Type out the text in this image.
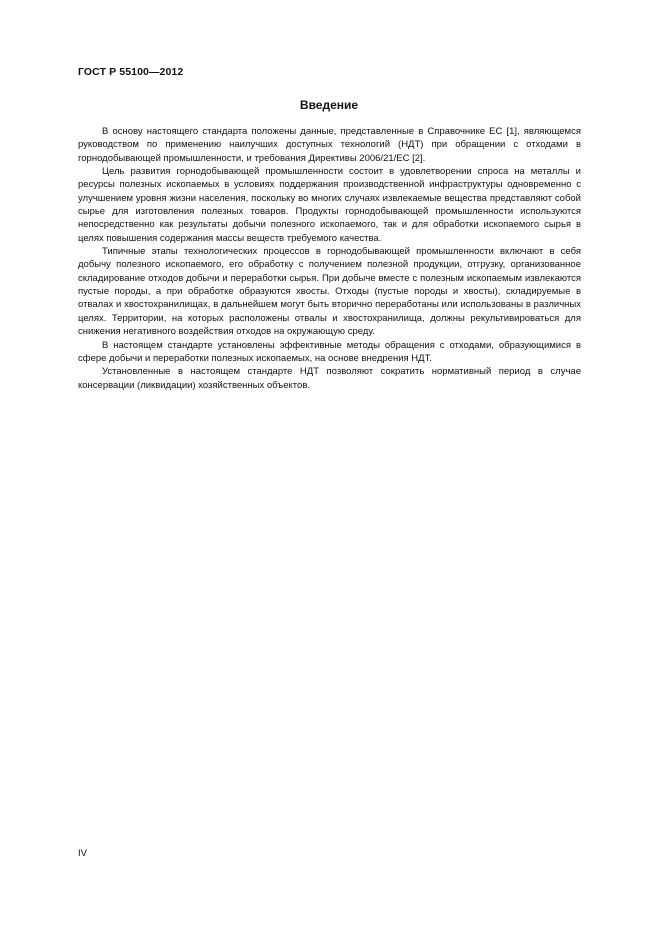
ГОСТ Р 55100—2012
Введение

В основу настоящего стандарта положены данные, представленные в Справочнике ЕС [1], являющемся руководством по применению наилучших доступных технологий (НДТ) при обращении с отходами в горнодобывающей промышленности, и требования Директивы 2006/21/ЕС [2].

Цель развития горнодобывающей промышленности состоит в удовлетворении спроса на металлы и ресурсы полезных ископаемых в условиях поддержания производственной инфраструктуры одновременно с улучшением уровня жизни населения, поскольку во многих случаях извлекаемые вещества представляют собой сырье для изготовления полезных товаров. Продукты горнодобывающей промышленности используются непосредственно как результаты добычи полезного ископаемого, так и для обработки ископаемого сырья в целях повышения содержания массы веществ требуемого качества.

Типичные этапы технологических процессов в горнодобывающей промышленности включают в себя добычу полезного ископаемого, его обработку с получением полезной продукции, отгрузку, организованное складирование отходов добычи и переработки сырья. При добыче вместе с полезным ископаемым извлекаются пустые породы, а при обработке образуются хвосты. Отходы (пустые породы и хвосты), складируемые в отвалах и хвостохранилищах, в дальнейшем могут быть вторично переработаны или использованы в различных целях. Территории, на которых расположены отвалы и хвостохранилища, должны рекультивироваться для снижения негативного воздействия отходов на окружающую среду.

В настоящем стандарте установлены эффективные методы обращения с отходами, образующимися в сфере добычи и переработки полезных ископаемых, на основе внедрения НДТ.

Установленные в настоящем стандарте НДТ позволяют сократить нормативный период в случае консервации (ликвидации) хозяйственных объектов.

IV
